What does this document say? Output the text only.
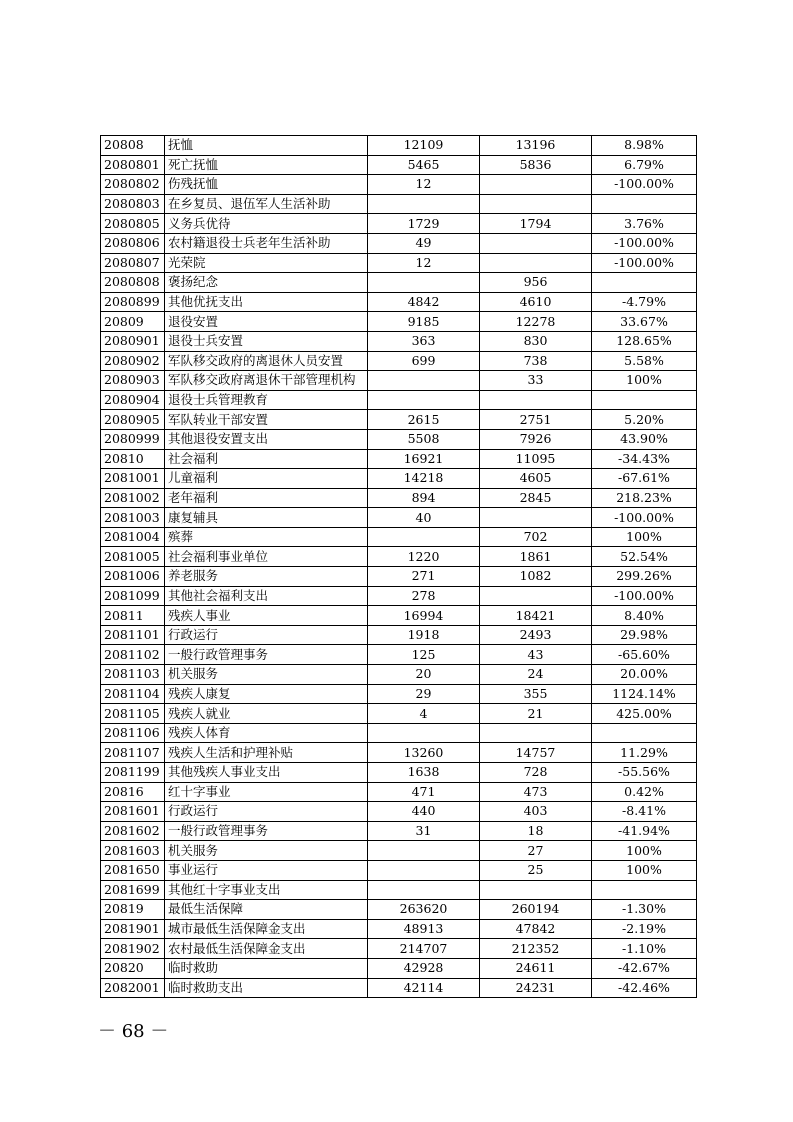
20808	抚恤	12109	13196	8.98%
2080801	死亡抚恤	5465	5836	6.79%
2080802	伤残抚恤	12		-100.00%
2080803	在乡复员、退伍军人生活补助			
2080805	义务兵优待	1729	1794	3.76%
2080806	农村籍退役士兵老年生活补助	49		-100.00%
2080807	光荣院	12		-100.00%
2080808	褒扬纪念		956	
2080899	其他优抚支出	4842	4610	-4.79%
20809	退役安置	9185	12278	33.67%
2080901	退役士兵安置	363	830	128.65%
2080902	军队移交政府的离退休人员安置	699	738	5.58%
2080903	军队移交政府离退休干部管理机构		33	100%
2080904	退役士兵管理教育			
2080905	军队转业干部安置	2615	2751	5.20%
2080999	其他退役安置支出	5508	7926	43.90%
20810	社会福利	16921	11095	-34.43%
2081001	儿童福利	14218	4605	-67.61%
2081002	老年福利	894	2845	218.23%
2081003	康复辅具	40		-100.00%
2081004	殡葬		702	100%
2081005	社会福利事业单位	1220	1861	52.54%
2081006	养老服务	271	1082	299.26%
2081099	其他社会福利支出	278		-100.00%
20811	残疾人事业	16994	18421	8.40%
2081101	行政运行	1918	2493	29.98%
2081102	一般行政管理事务	125	43	-65.60%
2081103	机关服务	20	24	20.00%
2081104	残疾人康复	29	355	1124.14%
2081105	残疾人就业	4	21	425.00%
2081106	残疾人体育			
2081107	残疾人生活和护理补贴	13260	14757	11.29%
2081199	其他残疾人事业支出	1638	728	-55.56%
20816	红十字事业	471	473	0.42%
2081601	行政运行	440	403	-8.41%
2081602	一般行政管理事务	31	18	-41.94%
2081603	机关服务		27	100%
2081650	事业运行		25	100%
2081699	其他红十字事业支出			
20819	最低生活保障	263620	260194	-1.30%
2081901	城市最低生活保障金支出	48913	47842	-2.19%
2081902	农村最低生活保障金支出	214707	212352	-1.10%
20820	临时救助	42928	24611	-42.67%
2082001	临时救助支出	42114	24231	-42.46%
－ 68 －
